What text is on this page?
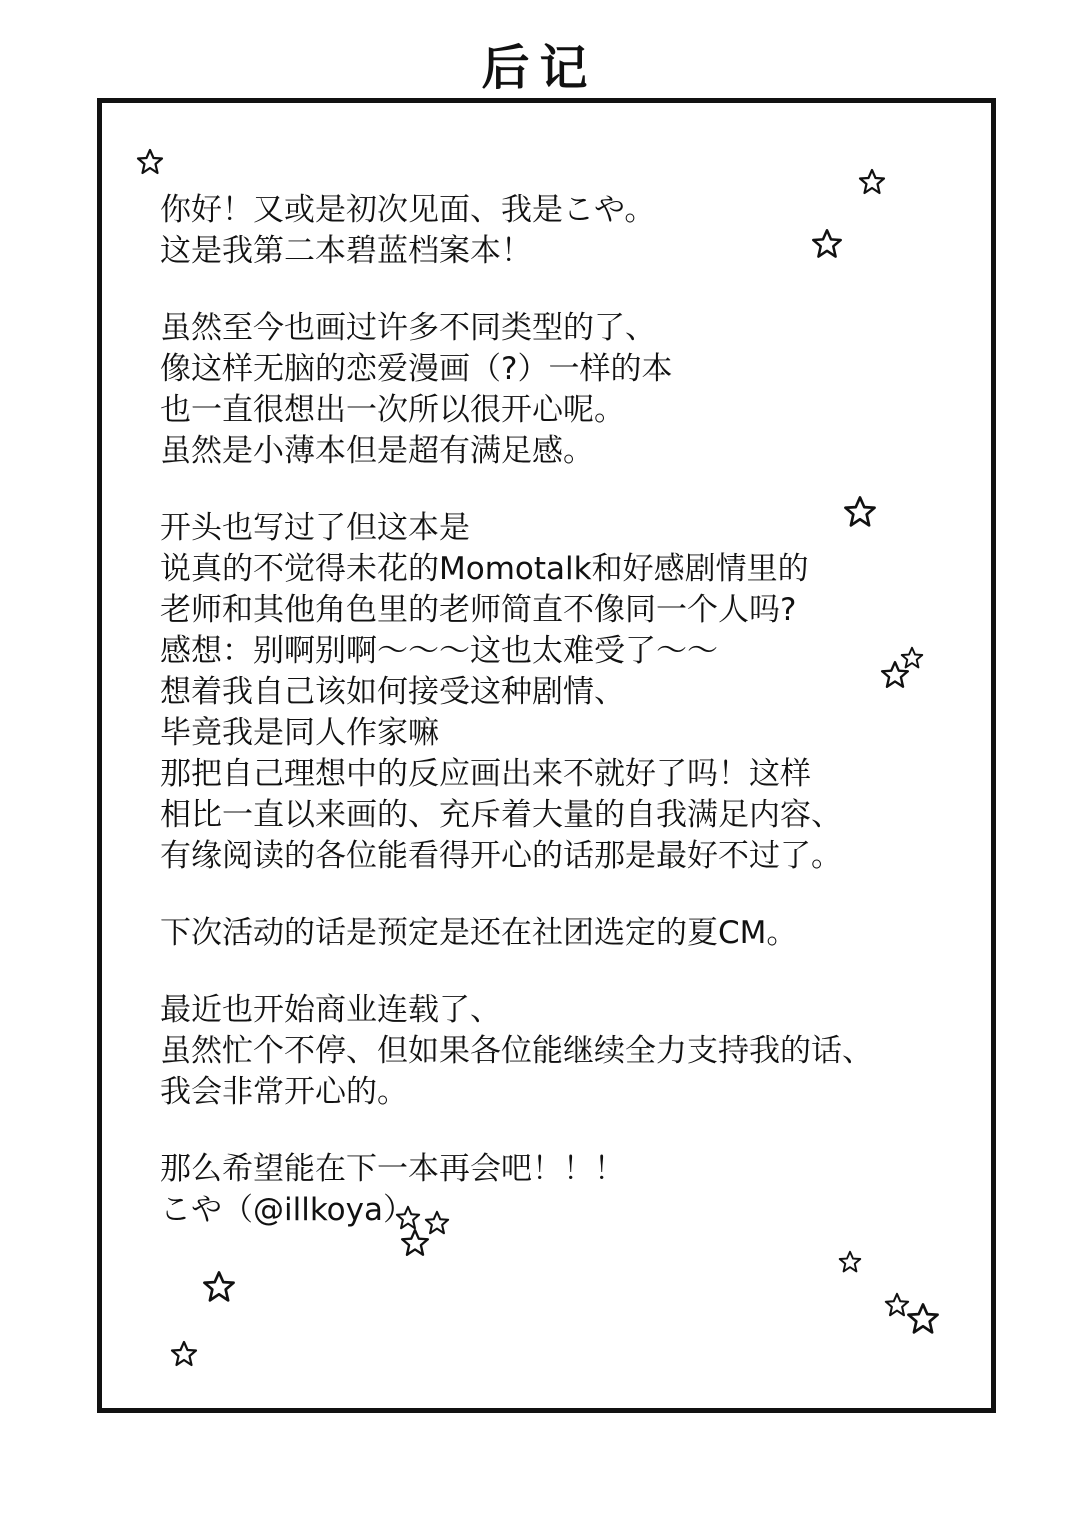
后记
你好！又或是初次见面、我是こや。
这是我第二本碧蓝档案本！
虽然至今也画过许多不同类型的了、
像这样无脑的恋爱漫画（?）一样的本
也一直很想出一次所以很开心呢。
虽然是小薄本但是超有满足感。
开头也写过了但这本是
说真的不觉得未花的Momotalk和好感剧情里的
老师和其他角色里的老师简直不像同一个人吗?
感想：别啊别啊～～～这也太难受了～～
想着我自己该如何接受这种剧情、
毕竟我是同人作家嘛
那把自己理想中的反应画出来不就好了吗！这样
相比一直以来画的、充斥着大量的自我满足内容、
有缘阅读的各位能看得开心的话那是最好不过了。
下次活动的话是预定是还在社团选定的夏CM。
最近也开始商业连载了、
虽然忙个不停、但如果各位能继续全力支持我的话、
我会非常开心的。
那么希望能在下一本再会吧！！！
こや（@illkoya）
